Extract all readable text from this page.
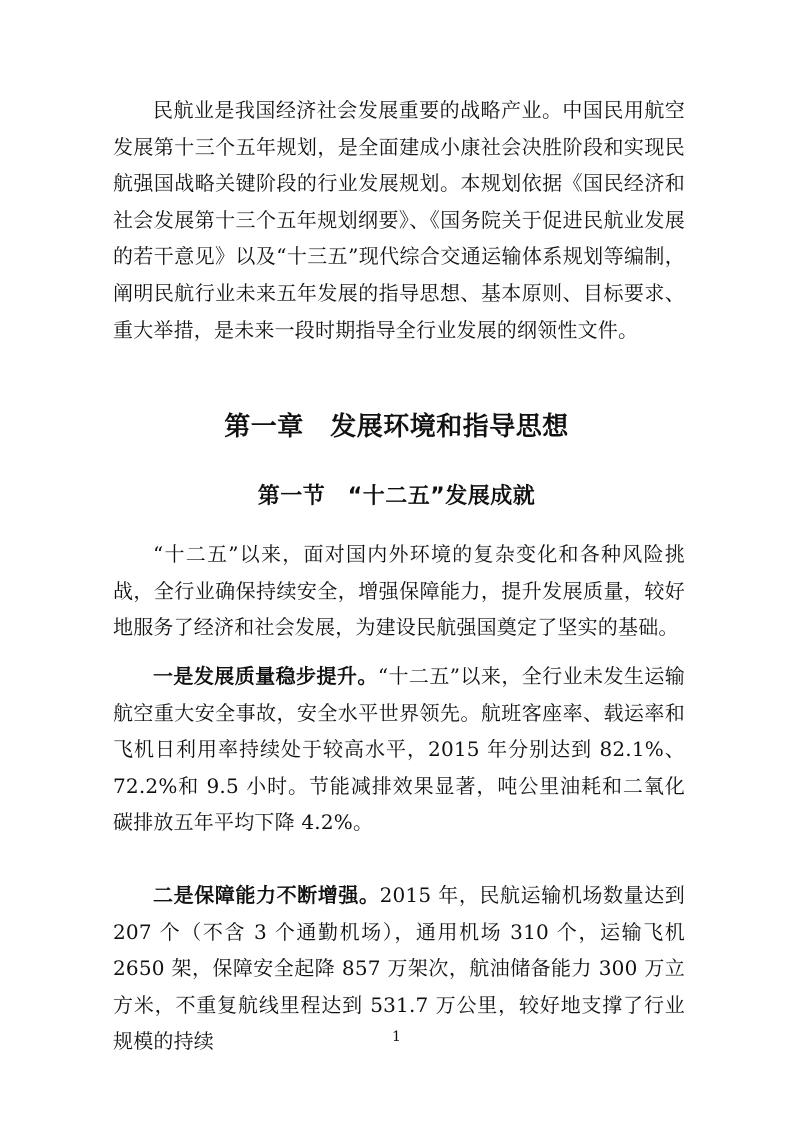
民航业是我国经济社会发展重要的战略产业。中国民用航空发展第十三个五年规划，是全面建成小康社会决胜阶段和实现民航强国战略关键阶段的行业发展规划。本规划依据《国民经济和社会发展第十三个五年规划纲要》、《国务院关于促进民航业发展的若干意见》以及“十三五”现代综合交通运输体系规划等编制，阐明民航行业未来五年发展的指导思想、基本原则、目标要求、重大举措，是未来一段时期指导全行业发展的纲领性文件。

第一章　发展环境和指导思想
第一节　“十二五”发展成就

“十二五”以来，面对国内外环境的复杂变化和各种风险挑战，全行业确保持续安全，增强保障能力，提升发展质量，较好地服务了经济和社会发展，为建设民航强国奠定了坚实的基础。

一是发展质量稳步提升。“十二五”以来，全行业未发生运输航空重大安全事故，安全水平世界领先。航班客座率、载运率和飞机日利用率持续处于较高水平，2015 年分别达到 82.1%、72.2%和 9.5 小时。节能减排效果显著，吨公里油耗和二氧化碳排放五年平均下降 4.2%。

二是保障能力不断增强。2015 年，民航运输机场数量达到 207 个（不含 3 个通勤机场），通用机场 310 个，运输飞机 2650 架，保障安全起降 857 万架次，航油储备能力 300 万立方米，不重复航线里程达到 531.7 万公里，较好地支撑了行业规模的持续	1
